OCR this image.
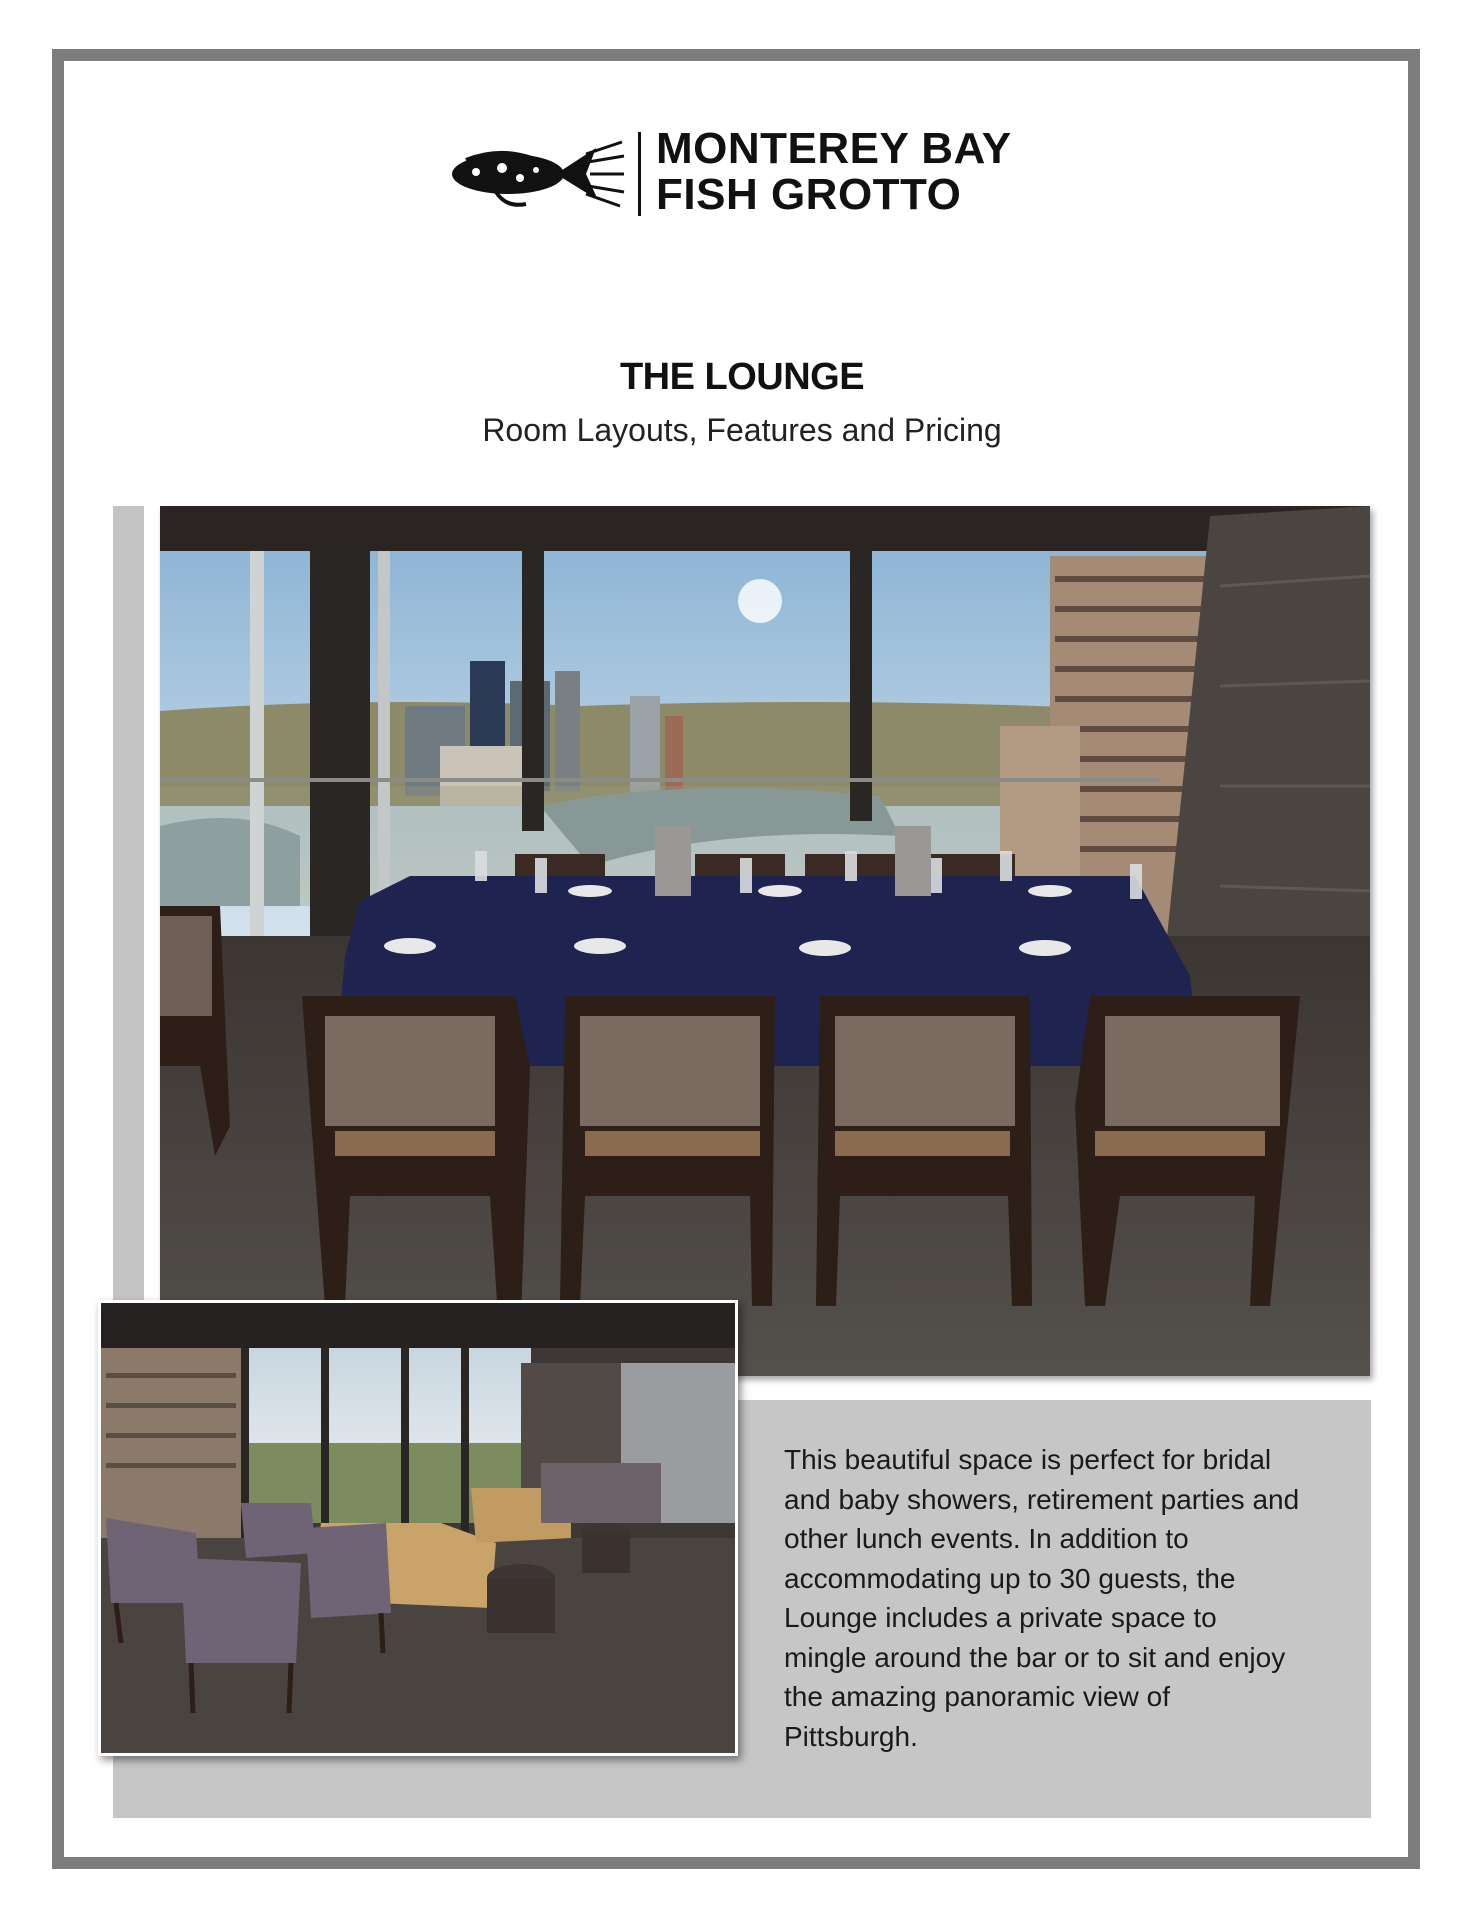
MONTEREY BAY
FISH GROTTO
THE LOUNGE
Room Layouts, Features and Pricing
This beautiful space is perfect for bridal and baby showers, retirement parties and other lunch events. In addition to accommodating up to 30 guests, the Lounge includes a private space to mingle around the bar or to sit and enjoy the amazing panoramic view of Pittsburgh.
